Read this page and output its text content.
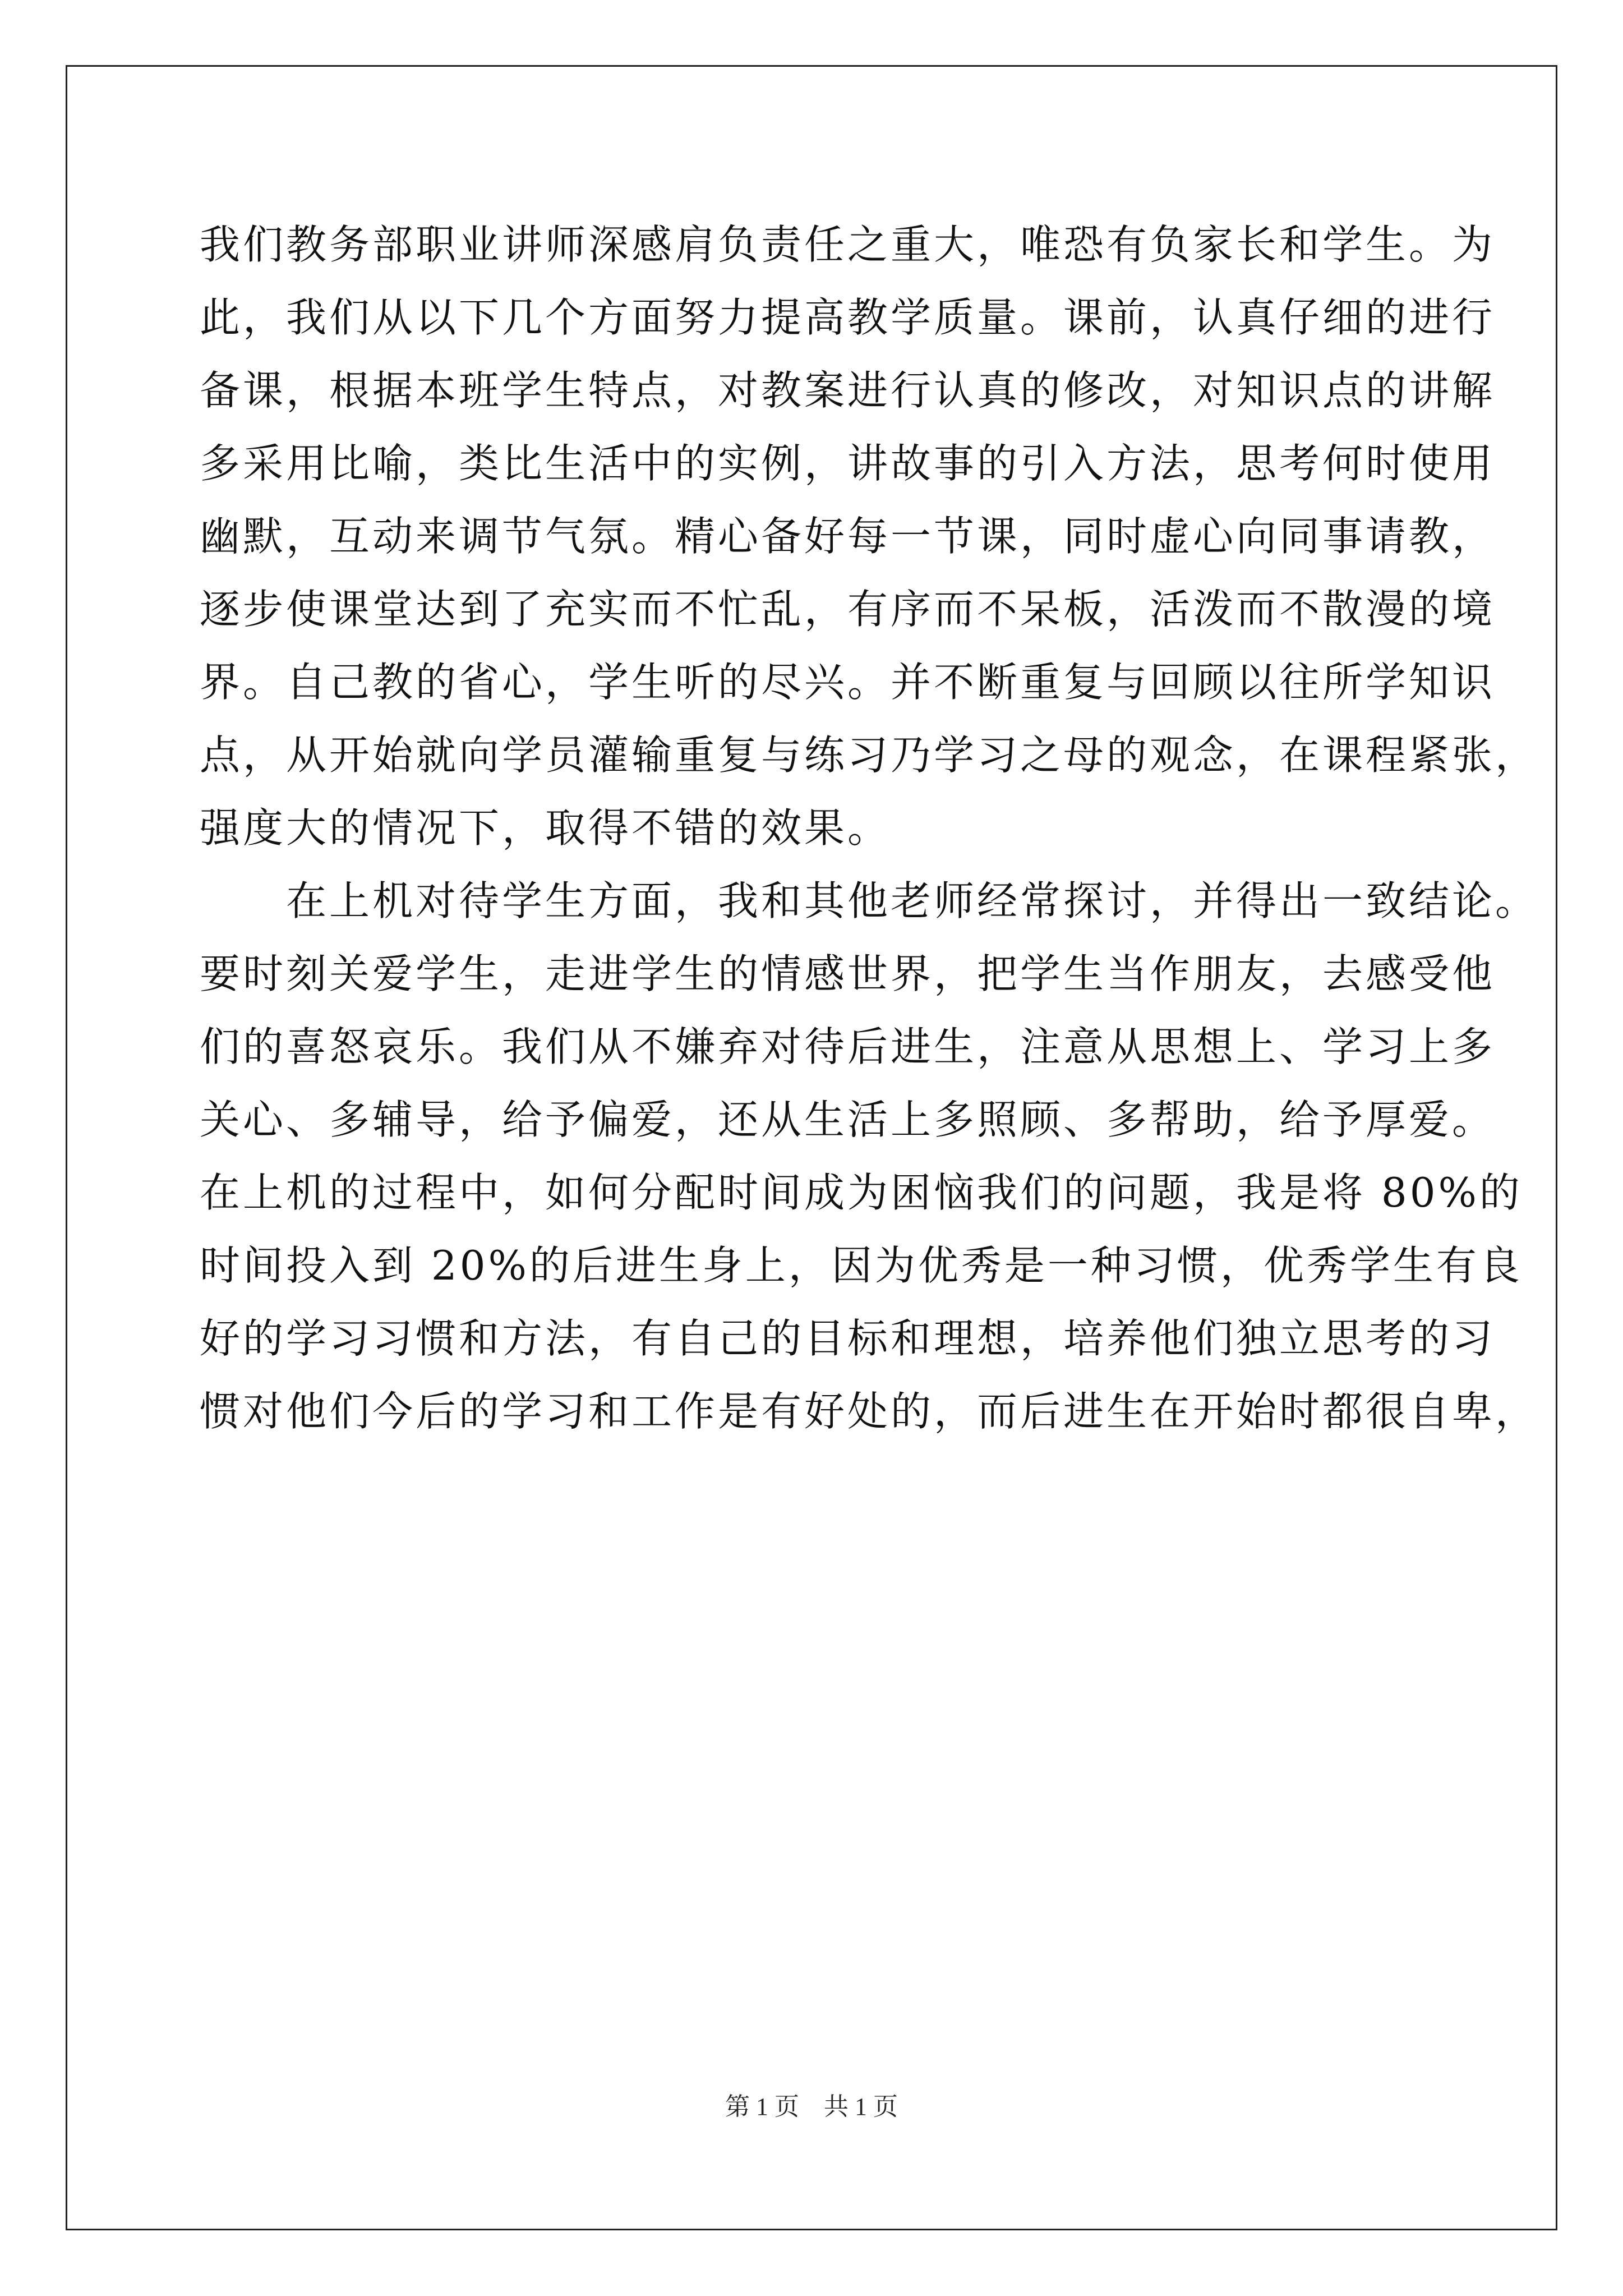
我们教务部职业讲师深感肩负责任之重大，唯恐有负家长和学生。为
此，我们从以下几个方面努力提高教学质量。课前，认真仔细的进行
备课，根据本班学生特点，对教案进行认真的修改，对知识点的讲解
多采用比喻，类比生活中的实例，讲故事的引入方法，思考何时使用
幽默，互动来调节气氛。精心备好每一节课，同时虚心向同事请教，
逐步使课堂达到了充实而不忙乱，有序而不呆板，活泼而不散漫的境
界。自己教的省心，学生听的尽兴。并不断重复与回顾以往所学知识
点，从开始就向学员灌输重复与练习乃学习之母的观念，在课程紧张，
强度大的情况下，取得不错的效果。
在上机对待学生方面，我和其他老师经常探讨，并得出一致结论。
要时刻关爱学生，走进学生的情感世界，把学生当作朋友，去感受他
们的喜怒哀乐。我们从不嫌弃对待后进生，注意从思想上、学习上多
关心、多辅导，给予偏爱，还从生活上多照顾、多帮助，给予厚爱。
在上机的过程中，如何分配时间成为困恼我们的问题，我是将 80%的
时间投入到 20%的后进生身上，因为优秀是一种习惯，优秀学生有良
好的学习习惯和方法，有自己的目标和理想，培养他们独立思考的习
惯对他们今后的学习和工作是有好处的，而后进生在开始时都很自卑，
第 1 页　共 1 页
